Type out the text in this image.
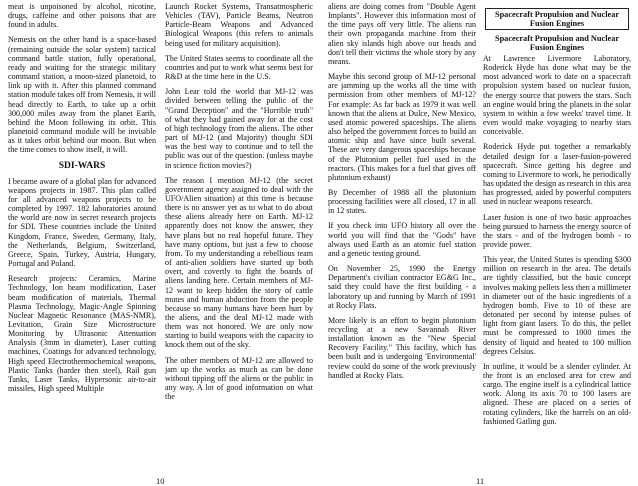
meat is unpoisoned by alcohol, nicotine, drugs, caffeine and other poisons that are found in adults.

Nemesis on the other hand is a space-based (remaining outside the solar system) tactical command battle station, fully operational, ready and waiting for the strategic military command station, a moon-sized planetoid, to link up with it. After this planned command station module takes off from Nemesis, it will head directly to Earth, to take up a orbit 300,000 miles away from the planet Earth, behind the Moon following its orbit. This planetoid command module will be invisible as it takes orbit behind our moon. But when the time comes to show itself, it will.

SDI-WARS

I became aware of a global plan for advanced weapons projects in 1987. This plan called for all advanced weapons projects to be completed by 1997. 182 laboratories around the world are now in secret research projects for SDI. These countries include the United Kingdom, France, Sweden, Germany, Italy, the Netherlands, Belgium, Switzerland, Greece, Spain, Turkey, Austria, Hungary, Portugal and Poland.

Research projects: Ceramics, Marine Technology, Ion beam modification, Laser beam modification of materials, Thermal Plasma Technology, Magic-Angle Spinning Nuclear Magnetic Resonance (MAS-NMR), Levitation, Grain Size Microstructure Monitoring by Ultrasonic Attenuation Analysis (3mm in diameter), Laser cutting machines, Coatings for advanced technology, High speed Electrothermochemical weapons, Plastic Tanks (harder then steel), Rail gun Tanks, Laser Tanks, Hypersonic air-to-air missiles, High speed Multiple

Launch Rocket Systems, Transatmospheric Vehicles (TAV), Particle Beams, Neutron Particle-Beam Weapons and Advanced Biological Weapons (this refers to animals being used for military acquisition).

The United States seems to coordinate all the countries and put to work what seems best for R&D at the time here in the U.S.

John Lear told the world that MJ-12 was divided between telling the public of the "Grand Deception" and the "Horrible truth" of what they had gained away for at the cost of high technology from the aliens. The other part of MJ-12 (and Majority) thought SDI was the best way to continue and to tell the public was out of the question. (unless maybe in science fiction movies?)

The reason I mention MJ-12 (the secret government agency assigned to deal with the UFO/Alien situation) at this time is because there is no answer yet as to what to do about these aliens already here on Earth. MJ-12 apparently does not know the answer, they have plans but no real hopeful future. They have many options, but just a few to choose from. To my understanding a rebellious team of anti-alien soldiers have started up both overt, and covertly to fight the boards of aliens landing here. Certain members of MJ-12 want to keep hidden the story of cattle mutes and human abduction from the people because so many humans have been hurt by the aliens, and the deal MJ-12 made with them was not honored. We are only now starting to build weapons with the capacity to knock them out of the sky.

The other members of MJ-12 are allowed to jam up the works as much as can be done without tipping off the aliens or the public in any way. A lot of good information on what the

10

aliens are doing comes from "Double Agent Implants". However this information most of the time pays off very little. The aliens run their own propaganda machine from their alien sky islands high above our heads and don't tell their victims the whole story by any means.

Maybe this second group of MJ-12 personal are jamming up the works all the time with permission from other members of MJ-12? For example: As far back as 1979 it was well known that the aliens at Dulce, New Mexico, used atomic powered spaceships. The aliens also helped the government forces to build an atomic ship and have since built several. These are very dangerous spaceships because of the Plutonium pellet fuel used in the reactors. (This makes for a fuel that gives off plutonium exhaust)

By December of 1988 all the plutonium processing facilities were all closed, 17 in all in 12 states.

If you check into UFO history all over the world you will find that the "Gods" have always used Earth as an atomic fuel station and a genetic testing ground.

On November 25, 1990 the Energy Department's civilian contractor EG&G Inc., said they could have the first building - a laboratory up and running by March of 1991 at Rocky Flats.

More likely is an effort to begin plutonium recycling at a new Savannah River installation known as the "New Special Recovery Facility." This facility, which has been built and is undergoing 'Environmental' review could do some of the work previously handled at Rocky Flats.

Spacecraft Propulsion and Nuclear Fusion Engines
Spacecraft Propulsion and Nuclear Fusion Engines

At Lawrence Livermore Laboratory, Roderick Hyde has done what may be the most advanced work to date on a spacecraft propulsion system based on nuclear fusion, the energy source that powers the stars. Such an engine would bring the planets in the solar system to within a few weeks' travel time. It even would make voyaging to nearby stars conceivable.

Roderick Hyde put together a remarkably detailed design for a laser-fusion-powered spacecraft. Since getting his degree and coming to Livermore to work, he periodically has updated the design as research in this area has progressed, aided by powerful computers used in nuclear weapons research.

Laser fusion is one of two basic approaches being pursued to harness the energy source of the stars - and of the hydrogen bomb - to provide power.

This year, the United States is spending $300 million on research in the area. The details are tightly classified, but the basic concept involves making pellets less then a millimeter in diameter out of the basic ingredients of a hydrogen bomb. Five to 10 of these are detonated per second by intense pulses of light from giant lasers. To do this, the pellet must be compressed to 1000 times the density of liquid and heated to 100 million degrees Celsius.

In outline, it would be a slender cylinder. At the front is an enclosed area for crew and cargo. The engine itself is a cylindrical lattice work. Along its axis 70 to 100 lasers are aligned. These are placed on a series of rotating cylinders, like the barrels on an old-fashioned Gatling gun.

11
